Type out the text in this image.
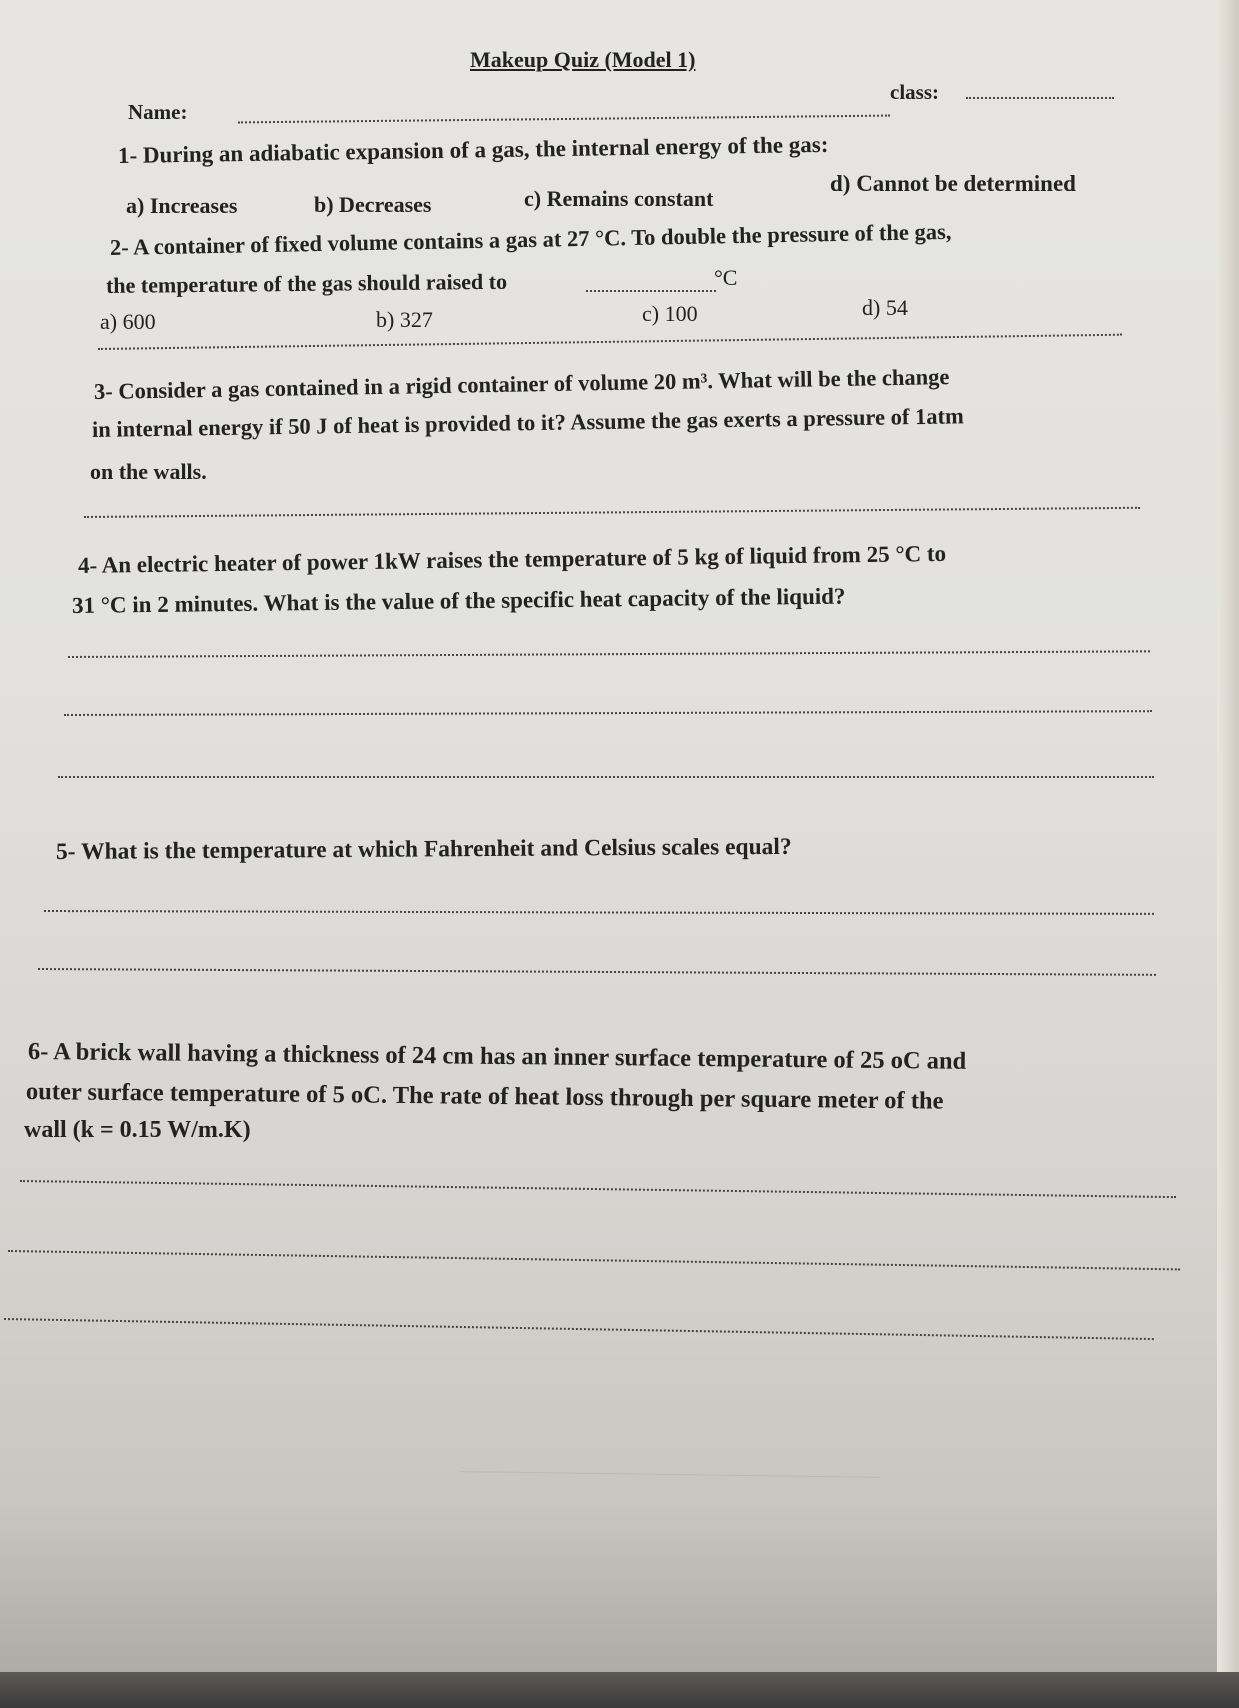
Makeup Quiz (Model 1)
Name:
class:
1- During an adiabatic expansion of a gas, the internal energy of the gas:
a) Increases	b) Decreases	c) Remains constant
d) Cannot be determined
2- A container of fixed volume contains a gas at 27 °C. To double the pressure of the gas,
the temperature of the gas should raised to	°C
a) 600	b) 327	c) 100	d) 54
3- Consider a gas contained in a rigid container of volume 20 m³. What will be the change
in internal energy if 50 J of heat is provided to it? Assume the gas exerts a pressure of 1atm
on the walls.
4- An electric heater of power 1kW raises the temperature of 5 kg of liquid from 25 °C to
31 °C in 2 minutes. What is the value of the specific heat capacity of the liquid?
5- What is the temperature at which Fahrenheit and Celsius scales equal?
6- A brick wall having a thickness of 24 cm has an inner surface temperature of 25 oC and
outer surface temperature of 5 oC. The rate of heat loss through per square meter of the
wall (k = 0.15 W/m.K)
